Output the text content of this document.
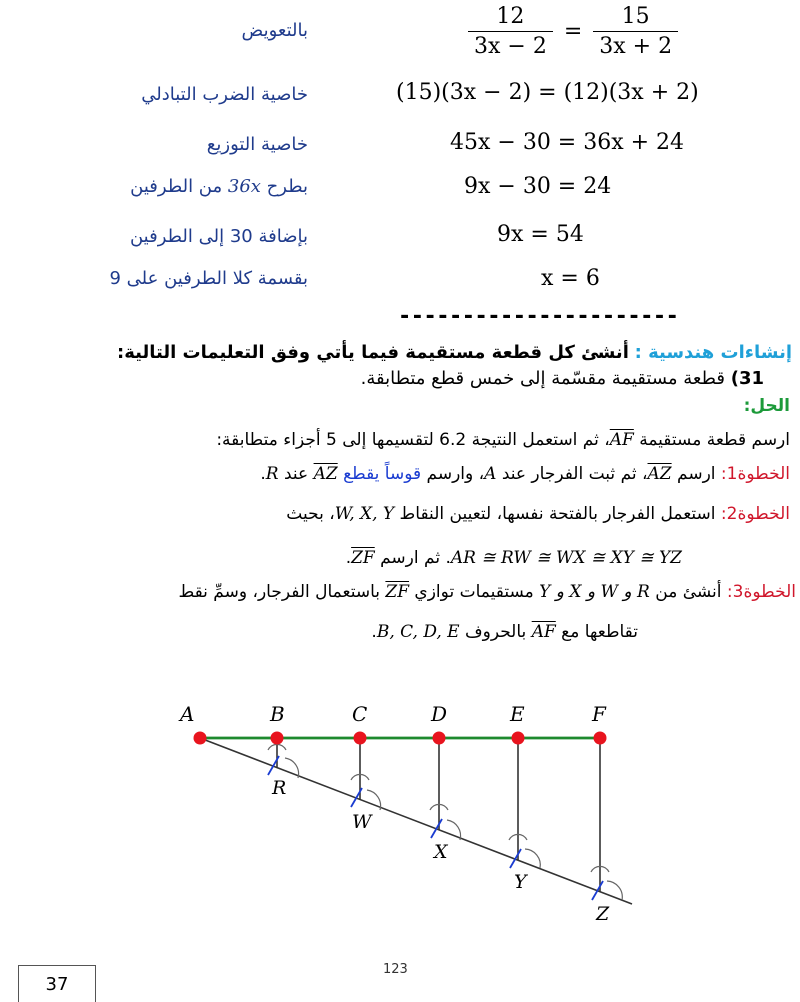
بالتعويض	$\frac{12}{3x - 2} = \frac{15}{3x + 2}$
خاصية الضرب التبادلي	(15)(3x − 2) = (12)(3x + 2)
خاصية التوزيع	45x − 30 = 36x + 24
بطرح 36x من الطرفين	9x − 30 = 24
بإضافة 30 إلى الطرفين	9x = 54
بقسمة كلا الطرفين على 9	x = 6
----------------------
إنشاءات هندسية : أنشئ كل قطعة مستقيمة فيما يأتي وفق التعليمات التالية:
31) قطعة مستقيمة مقسّمة إلى خمس قطع متطابقة.
الحل:
ارسم قطعة مستقيمة $\overline{AF}،$ ثم استعمل النتيجة 6.2 لتقسيمها إلى 5 أجزاء متطابقة:
الخطوة1: ارسم $\overline{AZ}،$ ثم ثبت الفرجار عند A، وارسم قوساً يقطع $\overline{AZ}$ عند R.
الخطوة2: استعمل الفرجار بالفتحة نفسها، لتعيين النقاط W, X, Y، بحيث
AR ≅ RW ≅ WX ≅ XY ≅ YZ. ثم ارسم $\overline{ZF}$.
الخطوة3: أنشئ من R و W و X و Y مستقيمات توازي $\overline{ZF}$ باستعمال الفرجار، وسمِّ نقط
تقاطعها مع $\overline{AF}$ بالحروف B, C, D, E.
A	B	C	D	E	F
R
W
X
Y
Z
123
37
